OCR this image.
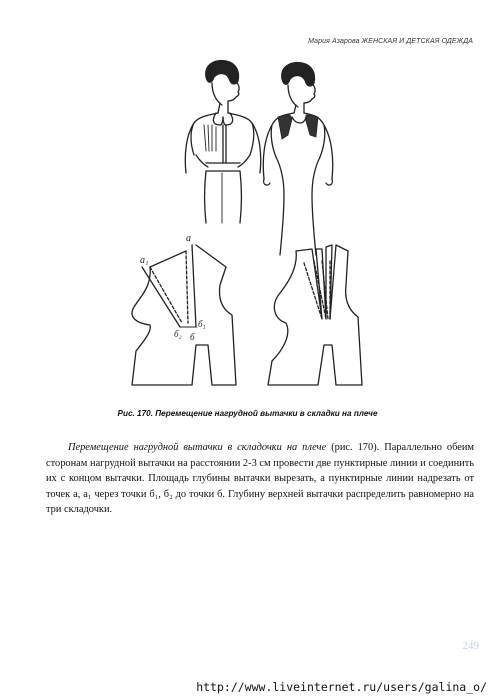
Мария Азарова ЖЕНСКАЯ И ДЕТСКАЯ ОДЕЖДА
a₁
a
б₂
б₁
б
Рис. 170. Перемещение нагрудной вытачки в складки на плече

Перемещение нагрудной вытачки в складочки на плече (рис. 170). Параллельно обеим сторонам нагрудной вытачки на расстоянии 2-3 см провести две пунктирные линии и соединить их с концом вытачки. Площадь глубины вытачки вырезать, а пунктирные линии надрезать от точек а, а₁ через точки б₁, б₂ до точки б. Глубину верхней вытачки распределить равномерно на три складочки.

249
http://www.liveinternet.ru/users/galina_o/
